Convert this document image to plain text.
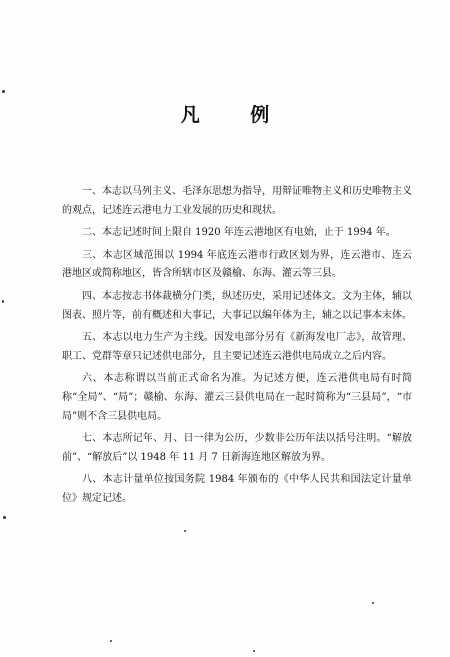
凡 例

一、本志以马列主义、毛泽东思想为指导，用辩证唯物主义和历史唯物主义的观点，记述连云港电力工业发展的历史和现状。

二、本志记述时间上限自 1920 年连云港地区有电始，止于 1994 年。

三、本志区域范围以 1994 年底连云港市行政区划为界，连云港市、连云港地区或简称地区，皆含所辖市区及赣榆、东海、灌云等三县。

四、本志按志书体裁横分门类，纵述历史，采用记述体文。文为主体，辅以图表、照片等，前有概述和大事记，大事记以编年体为主，辅之以记事本末体。

五、本志以电力生产为主线。因发电部分另有《新海发电厂志》，故管理、职工、党群等章只记述供电部分，且主要记述连云港供电局成立之后内容。

六、本志称谓以当前正式命名为准。为记述方便，连云港供电局有时简称“全局”、“局”；赣榆、东海、灌云三县供电局在一起时简称为“三县局”，“市局”则不含三县供电局。

七、本志所记年、月、日一律为公历，少数非公历年法以括号注明。“解放前”、“解放后”以 1948 年 11 月 7 日新海连地区解放为界。

八、本志计量单位按国务院 1984 年颁布的《中华人民共和国法定计量单位》规定记述。
